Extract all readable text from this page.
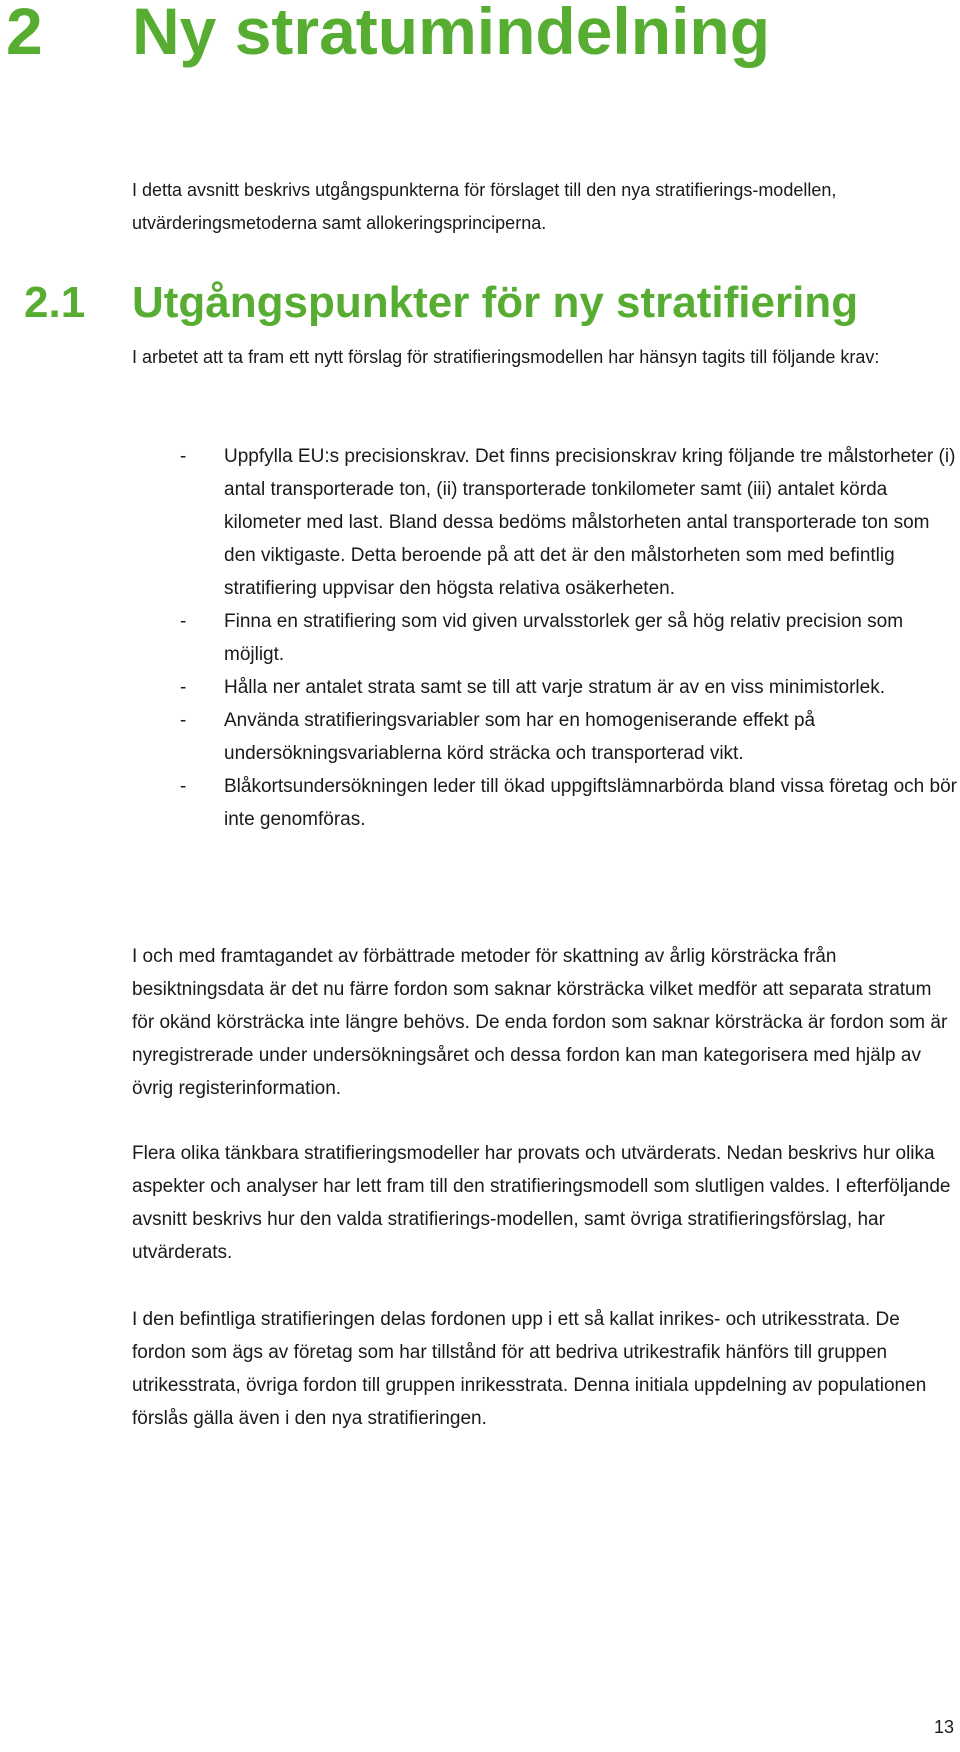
2 Ny stratumindelning

I detta avsnitt beskrivs utgångspunkterna för förslaget till den nya stratifierings-modellen, utvärderingsmetoderna samt allokeringsprinciperna.

2.1 Utgångspunkter för ny stratifiering

I arbetet att ta fram ett nytt förslag för stratifieringsmodellen har hänsyn tagits till följande krav:

- Uppfylla EU:s precisionskrav. Det finns precisionskrav kring följande tre målstorheter (i) antal transporterade ton, (ii) transporterade tonkilometer samt (iii) antalet körda kilometer med last. Bland dessa bedöms målstorheten antal transporterade ton som den viktigaste. Detta beroende på att det är den målstorheten som med befintlig stratifiering uppvisar den högsta relativa osäkerheten.
- Finna en stratifiering som vid given urvalsstorlek ger så hög relativ precision som möjligt.
- Hålla ner antalet strata samt se till att varje stratum är av en viss minimistorlek.
- Använda stratifieringsvariabler som har en homogeniserande effekt på undersökningsvariablerna körd sträcka och transporterad vikt.
- Blåkortsundersökningen leder till ökad uppgiftslämnarbörda bland vissa företag och bör inte genomföras.

I och med framtagandet av förbättrade metoder för skattning av årlig körsträcka från besiktningsdata är det nu färre fordon som saknar körsträcka vilket medför att separata stratum för okänd körsträcka inte längre behövs. De enda fordon som saknar körsträcka är fordon som är nyregistrerade under undersökningsåret och dessa fordon kan man kategorisera med hjälp av övrig registerinformation.

Flera olika tänkbara stratifieringsmodeller har provats och utvärderats. Nedan beskrivs hur olika aspekter och analyser har lett fram till den stratifieringsmodell som slutligen valdes. I efterföljande avsnitt beskrivs hur den valda stratifierings-modellen, samt övriga stratifieringsförslag, har utvärderats.

I den befintliga stratifieringen delas fordonen upp i ett så kallat inrikes- och utrikesstrata. De fordon som ägs av företag som har tillstånd för att bedriva utrikestrafik hänförs till gruppen utrikesstrata, övriga fordon till gruppen inrikesstrata. Denna initiala uppdelning av populationen förslås gälla även i den nya stratifieringen.

13
